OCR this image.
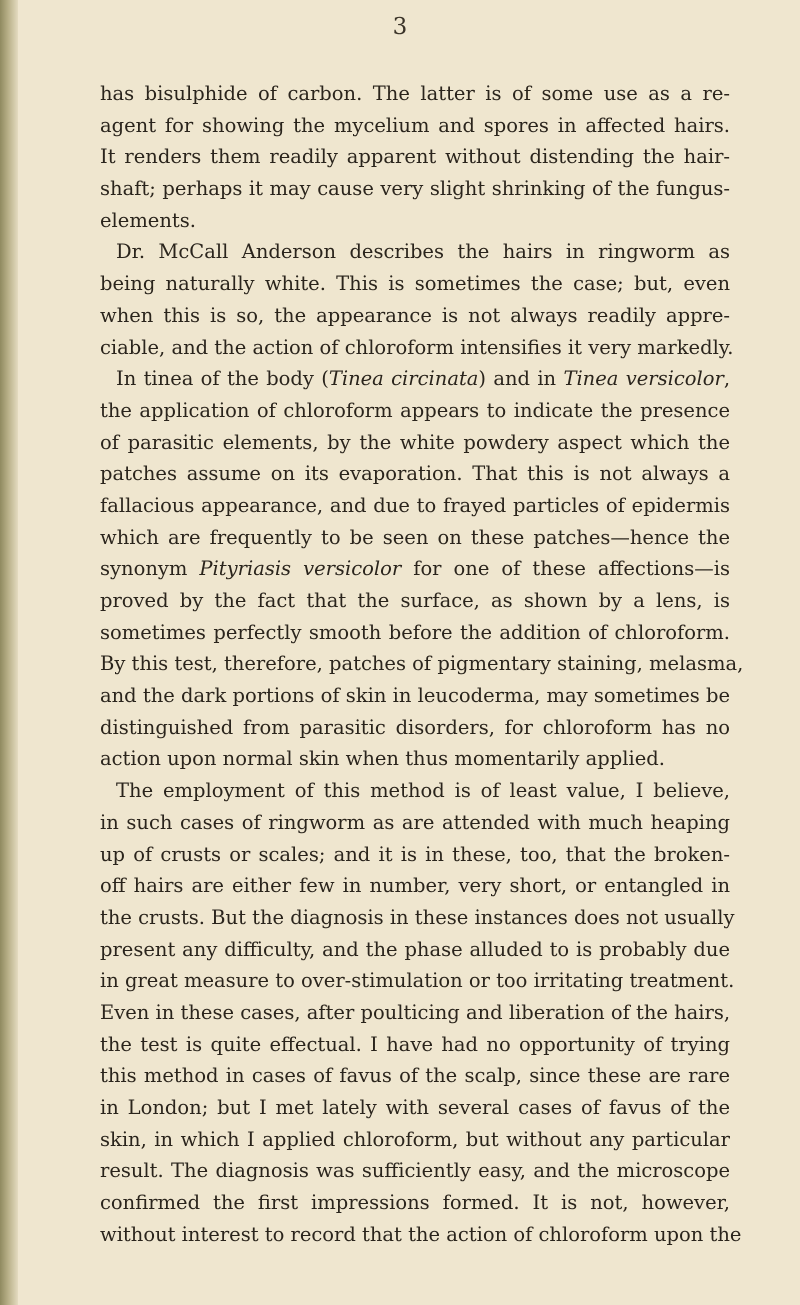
3
has bisulphide of carbon. The latter is of some use as a re-
agent for showing the mycelium and spores in affected hairs.
It renders them readily apparent without distending the hair-
shaft; perhaps it may cause very slight shrinking of the fungus-
elements.
Dr. McCall Anderson describes the hairs in ringworm as
being naturally white. This is sometimes the case; but, even
when this is so, the appearance is not always readily appre-
ciable, and the action of chloroform intensifies it very markedly.
In tinea of the body (Tinea circinata) and in Tinea versicolor,
the application of chloroform appears to indicate the presence
of parasitic elements, by the white powdery aspect which the
patches assume on its evaporation. That this is not always a
fallacious appearance, and due to frayed particles of epidermis
which are frequently to be seen on these patches—hence the
synonym Pityriasis versicolor for one of these affections—is
proved by the fact that the surface, as shown by a lens, is
sometimes perfectly smooth before the addition of chloroform.
By this test, therefore, patches of pigmentary staining, melasma,
and the dark portions of skin in leucoderma, may sometimes be
distinguished from parasitic disorders, for chloroform has no
action upon normal skin when thus momentarily applied.
The employment of this method is of least value, I believe,
in such cases of ringworm as are attended with much heaping
up of crusts or scales; and it is in these, too, that the broken-
off hairs are either few in number, very short, or entangled in
the crusts. But the diagnosis in these instances does not usually
present any difficulty, and the phase alluded to is probably due
in great measure to over-stimulation or too irritating treatment.
Even in these cases, after poulticing and liberation of the hairs,
the test is quite effectual. I have had no opportunity of trying
this method in cases of favus of the scalp, since these are rare
in London; but I met lately with several cases of favus of the
skin, in which I applied chloroform, but without any particular
result. The diagnosis was sufficiently easy, and the microscope
confirmed the first impressions formed. It is not, however,
without interest to record that the action of chloroform upon the
